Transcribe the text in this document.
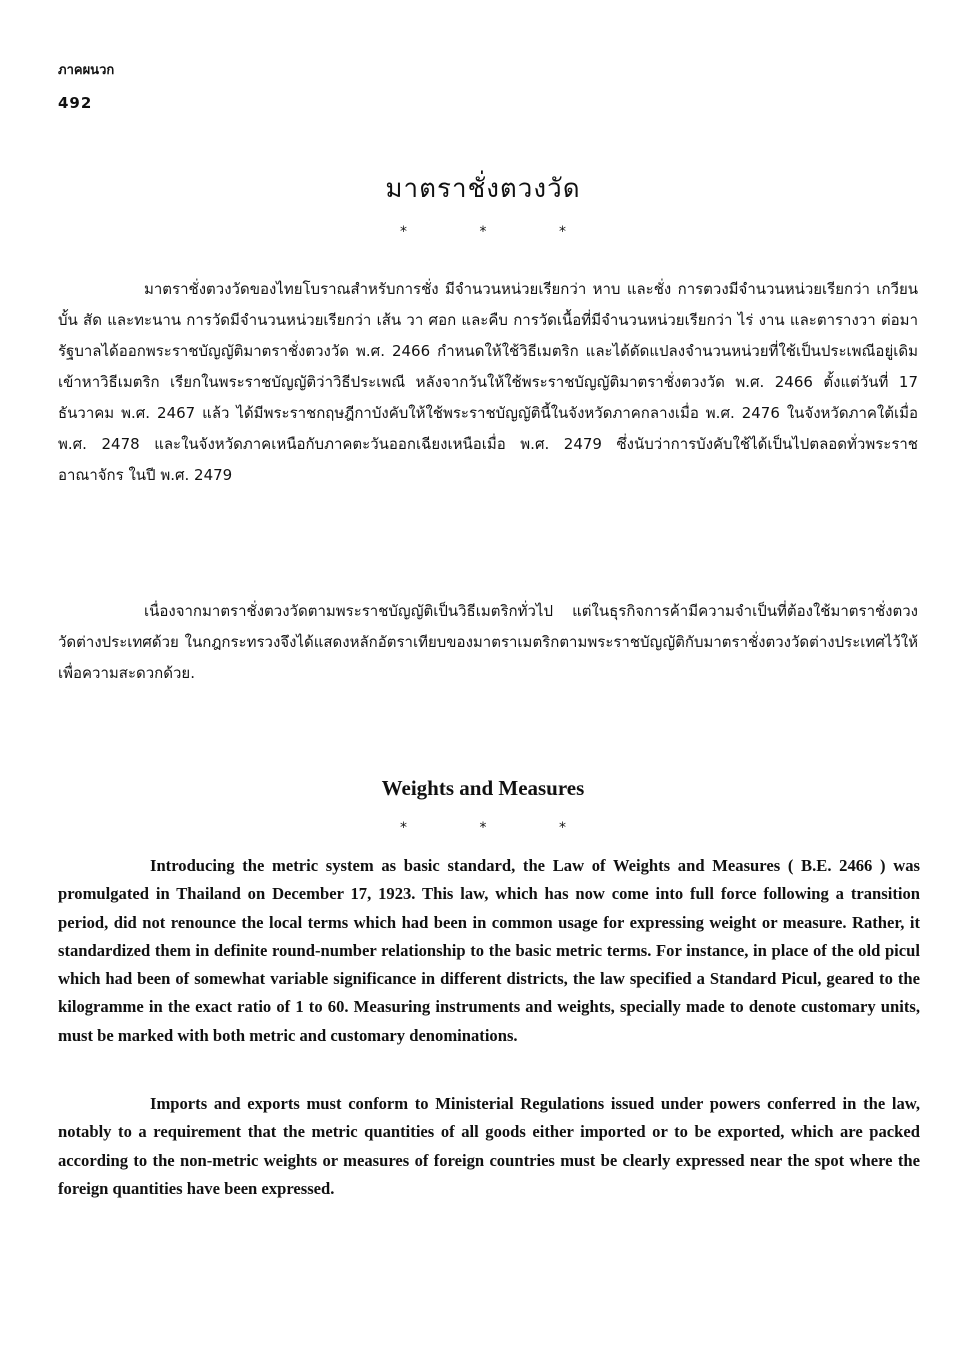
ภาคผนวก
492
มาตราชั่งตวงวัด
* * *

มาตราชั่งตวงวัดของไทยโบราณสำหรับการชั่ง มีจำนวนหน่วยเรียกว่า หาบ และชั่ง การตวงมีจำนวนหน่วยเรียกว่า เกวียน บั้น สัด และทะนาน การวัดมีจำนวนหน่วยเรียกว่า เส้น วา ศอก และคืบ การวัดเนื้อที่มีจำนวนหน่วยเรียกว่า ไร่ งาน และตารางวา ต่อมารัฐบาลได้ออกพระราชบัญญัติมาตราชั่งตวงวัด พ.ศ. 2466 กำหนดให้ใช้วิธีเมตริก และได้ดัดแปลงจำนวนหน่วยที่ใช้เป็นประเพณีอยู่เดิมเข้าหาวิธีเมตริก เรียกในพระราชบัญญัติว่าวิธีประเพณี หลังจากวันให้ใช้พระราชบัญญัติมาตราชั่งตวงวัด พ.ศ. 2466 ตั้งแต่วันที่ 17 ธันวาคม พ.ศ. 2467 แล้ว ได้มีพระราชกฤษฎีกาบังคับให้ใช้พระราชบัญญัตินี้ในจังหวัดภาคกลางเมื่อ พ.ศ. 2476 ในจังหวัดภาคใต้เมื่อ พ.ศ. 2478 และในจังหวัดภาคเหนือกับภาคตะวันออกเฉียงเหนือเมื่อ พ.ศ. 2479 ซึ่งนับว่าการบังคับใช้ได้เป็นไปตลอดทั่วพระราชอาณาจักร ในปี พ.ศ. 2479

เนื่องจากมาตราชั่งตวงวัดตามพระราชบัญญัติเป็นวิธีเมตริกทั่วไป แต่ในธุรกิจการค้ามีความจำเป็นที่ต้องใช้มาตราชั่งตวงวัดต่างประเทศด้วย ในกฎกระทรวงจึงได้แสดงหลักอัตราเทียบของมาตราเมตริกตามพระราชบัญญัติกับมาตราชั่งตวงวัดต่างประเทศไว้ให้เพื่อความสะดวกด้วย.

Weights and Measures
* * *

Introducing the metric system as basic standard, the Law of Weights and Measures ( B.E. 2466 ) was promulgated in Thailand on December 17, 1923. This law, which has now come into full force following a transition period, did not renounce the local terms which had been in common usage for expressing weight or measure. Rather, it standardized them in definite round-number relationship to the basic metric terms. For instance, in place of the old picul which had been of somewhat variable significance in different districts, the law specified a Standard Picul, geared to the kilogramme in the exact ratio of 1 to 60. Measuring instruments and weights, specially made to denote customary units, must be marked with both metric and customary denominations.

Imports and exports must conform to Ministerial Regulations issued under powers conferred in the law, notably to a requirement that the metric quantities of all goods either imported or to be exported, which are packed according to the non-metric weights or measures of foreign countries must be clearly expressed near the spot where the foreign quantities have been expressed.
